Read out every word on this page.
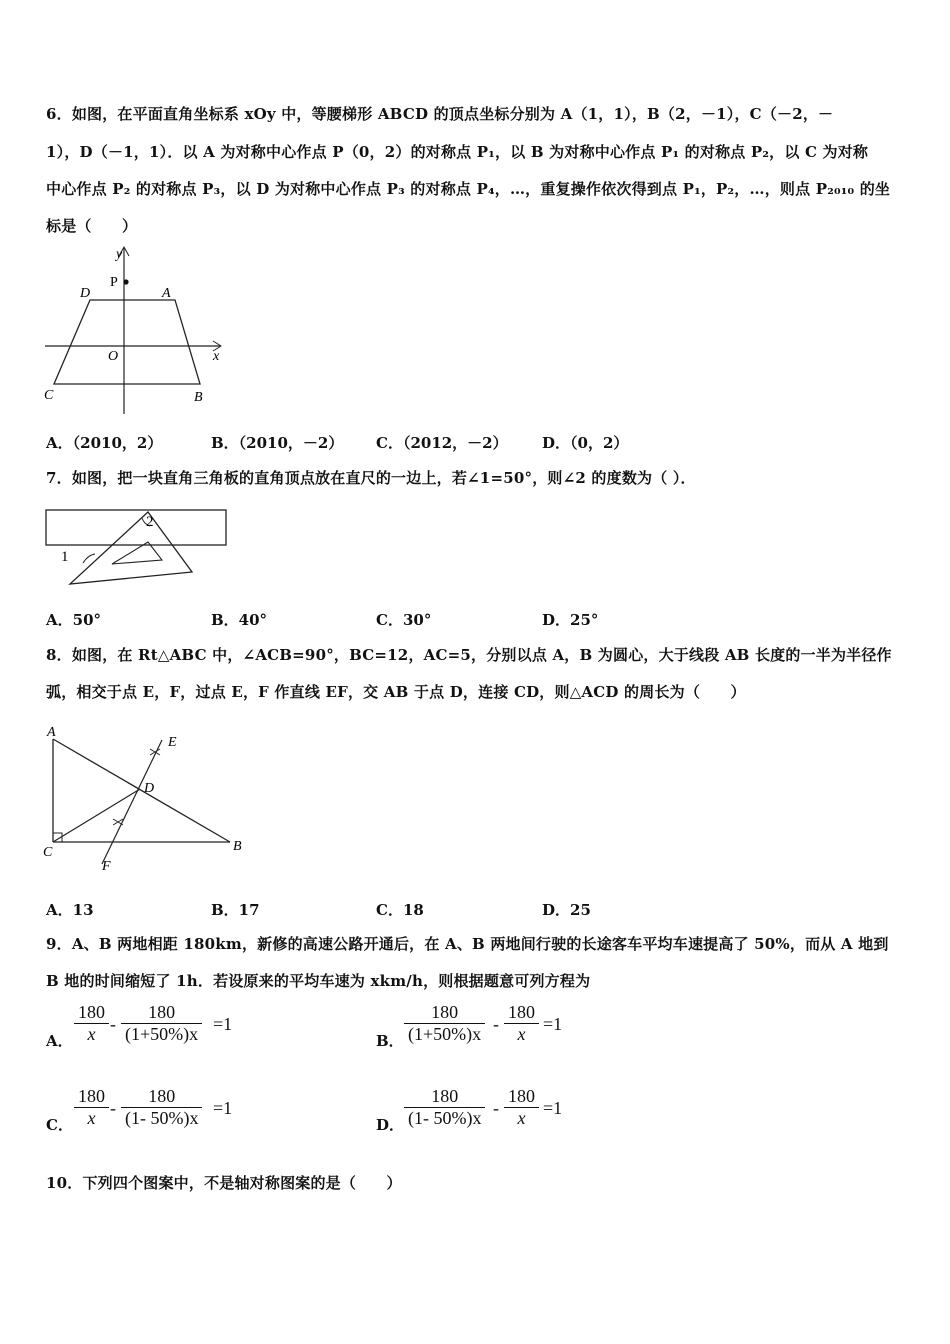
6．如图，在平面直角坐标系 xOy 中，等腰梯形 ABCD 的顶点坐标分别为 A（1，1），B（2，－1），C（－2，－
1），D（－1，1）．以 A 为对称中心作点 P（0，2）的对称点 P₁，以 B 为对称中心作点 P₁ 的对称点 P₂，以 C 为对称
中心作点 P₂ 的对称点 P₃，以 D 为对称中心作点 P₃ 的对称点 P₄，…，重复操作依次得到点 P₁，P₂，…，则点 P₂₀₁₀ 的坐
标是（　　）
y
x
P
D	A
O
C	B
A．（2010，2）	B．（2010，－2） C．（2012，－2） D．（0，2）
7．如图，把一块直角三角板的直角顶点放在直尺的一边上，若∠1=50°，则∠2 的度数为（ ）．
1
2
A．50°	B．40°	C．30°	D．25°
8．如图，在 Rt△ABC 中，∠ACB=90°，BC=12，AC=5，分别以点 A，B 为圆心，大于线段 AB 长度的一半为半径作
弧，相交于点 E，F，过点 E，F 作直线 EF，交 AB 于点 D，连接 CD，则△ACD 的周长为（　　）
A
B
C
D
E
F
A．13	B．17	C．18	D．25
9．A、B 两地相距 180km，新修的高速公路开通后，在 A、B 两地间行驶的长途客车平均车速提高了 50%，而从 A 地到
B 地的时间缩短了 1h．若设原来的平均车速为 xkm/h，则根据题意可列方程为
A． $\frac{180}{x} - \frac{180}{(1+50\%)x} =1$
B． $\frac{180}{(1+50\%)x} - \frac{180}{x} =1$
C． $\frac{180}{x} - \frac{180}{(1- 50\%)x} =1$
D． $\frac{180}{(1- 50\%)x} - \frac{180}{x} =1$
10．下列四个图案中，不是轴对称图案的是（　　）
